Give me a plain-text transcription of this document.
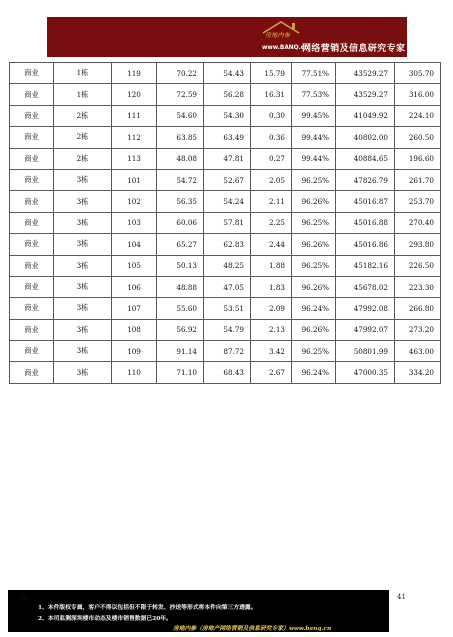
房地内参
www.BANQ.cn
网络营销及信息研究专家
商业	1栋	119	70.22	54.43	15.79	77.51%	43529.27	305.70
商业	1栋	120	72.59	56.28	16.31	77.53%	43529.27	316.00
商业	2栋	111	54.60	54.30	0.30	99.45%	41049.92	224.10
商业	2栋	112	63.85	63.49	0.36	99.44%	40802.00	260.50
商业	2栋	113	48.08	47.81	0.27	99.44%	40884.65	196.60
商业	3栋	101	54.72	52.67	2.05	96.25%	47826.79	261.70
商业	3栋	102	56.35	54.24	2.11	96.26%	45016.87	253.70
商业	3栋	103	60.06	57.81	2.25	96.25%	45016.88	270.40
商业	3栋	104	65.27	62.83	2.44	96.26%	45016.86	293.80
商业	3栋	105	50.13	48.25	1.88	96.25%	45182.16	226.50
商业	3栋	106	48.88	47.05	1.83	96.26%	45678.02	223.30
商业	3栋	107	55.60	53.51	2.09	96.24%	47992.08	266.80
商业	3栋	108	56.92	54.79	2.13	96.26%	47992.07	273.20
商业	3栋	109	91.14	87.72	3.42	96.25%	50801.99	463.00
商业	3栋	110	71.10	68.43	2.67	96.24%	47000.35	334.20
注：
1、本件版权专属，客户不得以包括但不限于转发、抄送等形式将本件向第三方透露。
2、本司监测深圳楼市动态及楼市销售数据已20年。
房地内参（房地产网络营销及信息研究专家）www.banq.cn
41
